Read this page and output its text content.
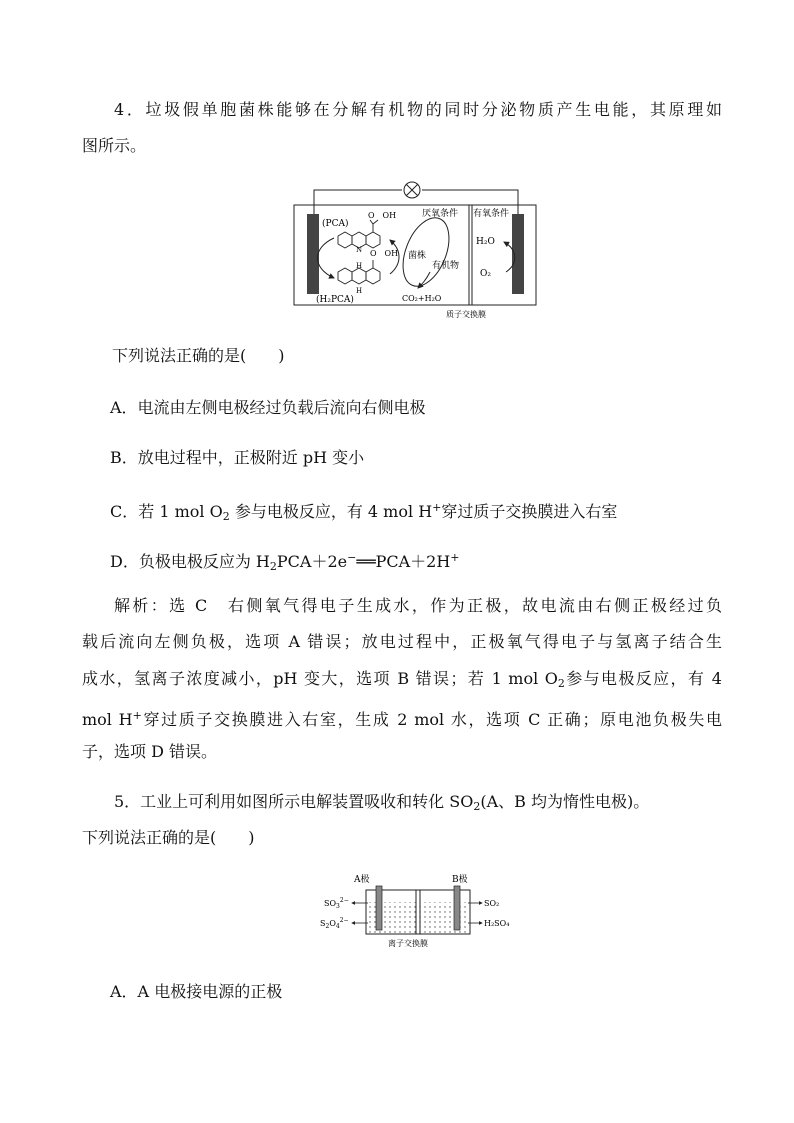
4．垃圾假单胞菌株能够在分解有机物的同时分泌物质产生电能，其原理如
图所示。
厌氧条件 有氧条件
(PCA)
O　OH
N O　OH
H
H
(H₂PCA)
菌株
有机物
CO₂+H₂O
H₂O
O₂
质子交换膜
下列说法正确的是(　　)
A．电流由左侧电极经过负载后流向右侧电极
B．放电过程中，正极附近 pH 变小
C．若 1 mol $O_2$ 参与电极反应，有 4 mol H+穿过质子交换膜进入右室
D．负极电极反应为 $H_2PCA+2e^-══PCA+2H^+$
解析：选 C　右侧氧气得电子生成水，作为正极，故电流由右侧正极经过负
载后流向左侧负极，选项 A 错误；放电过程中，正极氧气得电子与氢离子结合生
成水，氢离子浓度减小，pH 变大，选项 B 错误；若 1 mol $O_2$参与电极反应，有 4
mol H+穿过质子交换膜进入右室，生成 2 mol 水，选项 C 正确；原电池负极失电
子，选项 D 错误。
5．工业上可利用如图所示电解装置吸收和转化 $SO_2(A$、B 均为惰性电极)。
下列说法正确的是(　　)
A极	B极
$SO_3^{2-}$
$S_2O_4^{2-}$
SO₂
H₂SO₄
离子交换膜
A．A 电极接电源的正极
